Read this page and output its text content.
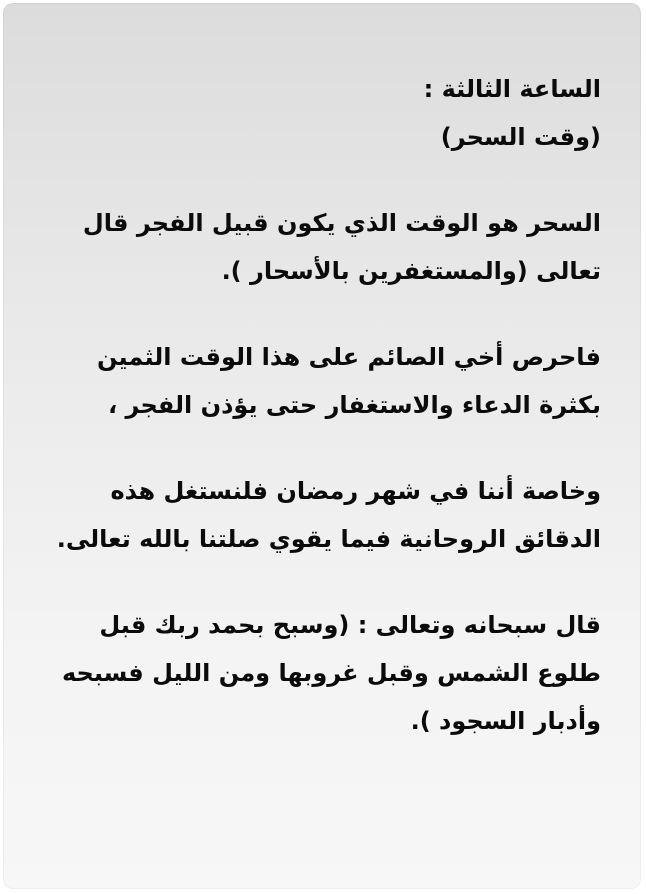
الساعة الثالثة :
(وقت السحر)
السحر هو الوقت الذي يكون قبيل الفجر قال
تعالى (والمستغفرين بالأسحار ).
فاحرص أخي الصائم على هذا الوقت الثمين
بكثرة الدعاء والاستغفار حتى يؤذن الفجر ،
وخاصة أننا في شهر رمضان فلنستغل هذه
الدقائق الروحانية فيما يقوي صلتنا بالله تعالى.
قال سبحانه وتعالى : (وسبح بحمد ربك قبل
طلوع الشمس وقبل غروبها ومن الليل فسبحه
وأدبار السجود ).
